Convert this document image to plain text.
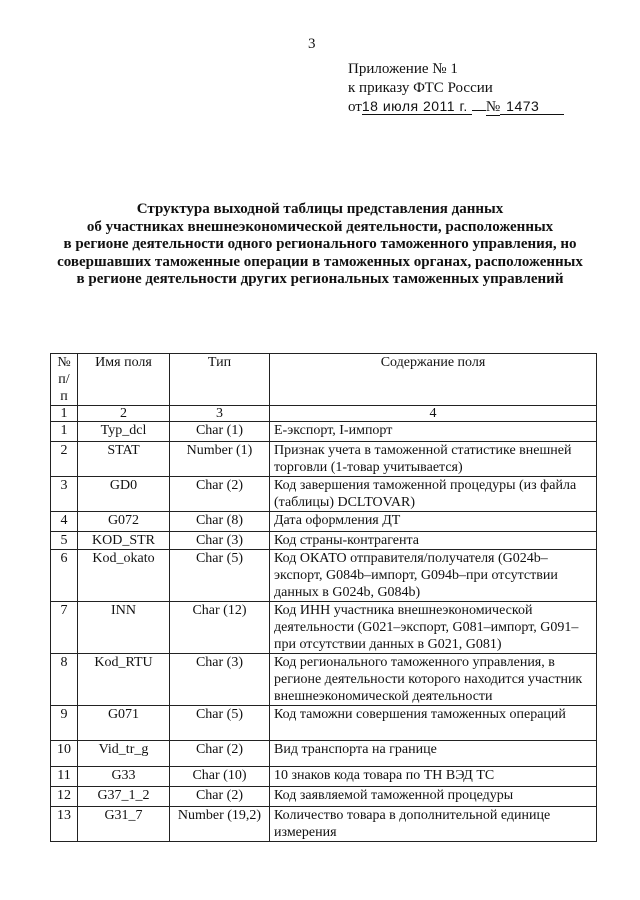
3
Приложение № 1
к приказу ФТС России
от18 июля 2011 г. № 1473
Структура выходной таблицы представления данных
об участниках внешнеэкономической деятельности, расположенных
в регионе деятельности одного регионального таможенного управления, но
совершавших таможенные операции в таможенных органах, расположенных
в регионе деятельности других региональных таможенных управлений
№ п/п	Имя поля	Тип	Содержание поля
1	2	3	4
1	Typ_dcl	Char (1)	E-экспорт, I-импорт
2	STAT	Number (1)	Признак учета в таможенной статистике внешней торговли (1-товар учитывается)
3	GD0	Char (2)	Код завершения таможенной процедуры (из файла (таблицы) DCLTOVAR)
4	G072	Char (8)	Дата оформления ДТ
5	KOD_STR	Char (3)	Код страны-контрагента
6	Kod_okato	Char (5)	Код ОКАТО отправителя/получателя (G024b–экспорт, G084b–импорт, G094b–при отсутствии данных в G024b, G084b)
7	INN	Char (12)	Код ИНН участника внешнеэкономической деятельности (G021–экспорт, G081–импорт, G091–при отсутствии данных в G021, G081)
8	Kod_RTU	Char (3)	Код регионального таможенного управления, в регионе деятельности которого находится участник внешнеэкономической деятельности
9	G071	Char (5)	Код таможни совершения таможенных операций
10	Vid_tr_g	Char (2)	Вид транспорта на границе
11	G33	Char (10)	10 знаков кода товара по ТН ВЭД ТС
12	G37_1_2	Char (2)	Код заявляемой таможенной процедуры
13	G31_7	Number (19,2)	Количество товара в дополнительной единице измерения
